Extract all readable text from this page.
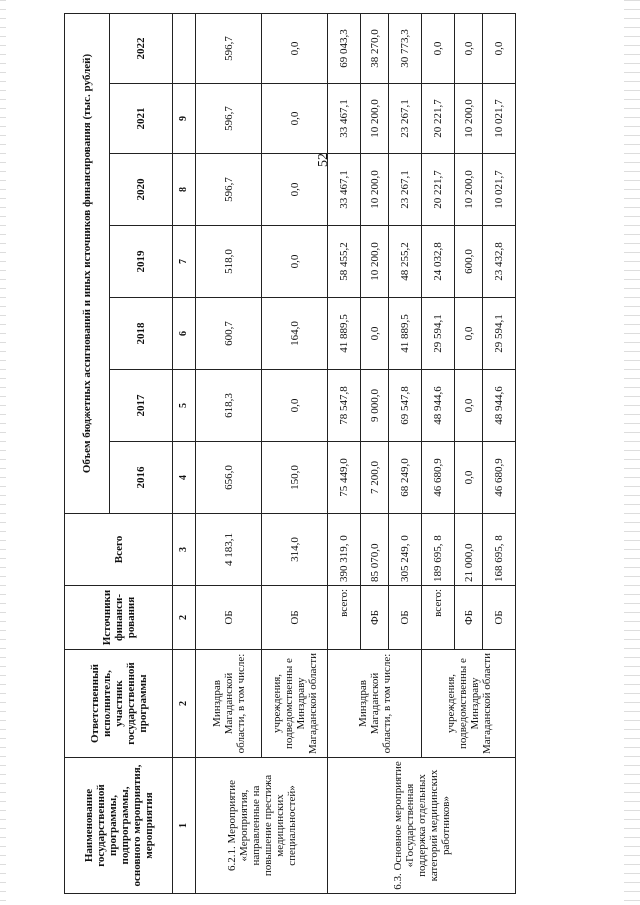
52
Наименование государственной программы, подпрограммы, основного мероприятия, мероприятия	Ответственный исполнитель, участник государственной программы	Источники финанси-рования	Всего	Объем бюджетных ассигнований и иных источников финансирования (тыс. рублей)						
				2016	2017	2018	2019	2020	2021	2022
1	2	2	3	4	5	6	7	8	9	
6.2.1. Мероприятие «Мероприятия, направленные на повышение престижа медицинских специальностей»	Минздрав Магаданской области, в том числе:	ОБ	4 183,1	656,0	618,3	600,7	518,0	596,7	596,7	596,7
	учреждения, подведомственны е Минздраву Магаданской области	ОБ	314,0	150,0	0,0	164,0	0,0	0,0	0,0	0,0
6.3. Основное мероприятие «Государственная поддержка отдельных категорий медицинских работников»	Минздрав Магаданской области, в том числе:	всего:	390 319, 0	75 449,0	78 547,8	41 889,5	58 455,2	33 467,1	33 467,1	69 043,3
		ФБ	85 070,0	7 200,0	9 000,0	0,0	10 200,0	10 200,0	10 200,0	38 270,0
		ОБ	305 249, 0	68 249,0	69 547,8	41 889,5	48 255,2	23 267,1	23 267,1	30 773,3
	учреждения, подведомственны е Минздраву Магаданской области	всего:	189 695, 8	46 680,9	48 944,6	29 594,1	24 032,8	20 221,7	20 221,7	0,0
		ФБ	21 000,0	0,0	0,0	0,0	600,0	10 200,0	10 200,0	0,0
		ОБ	168 695, 8	46 680,9	48 944,6	29 594,1	23 432,8	10 021,7	10 021,7	0,0
